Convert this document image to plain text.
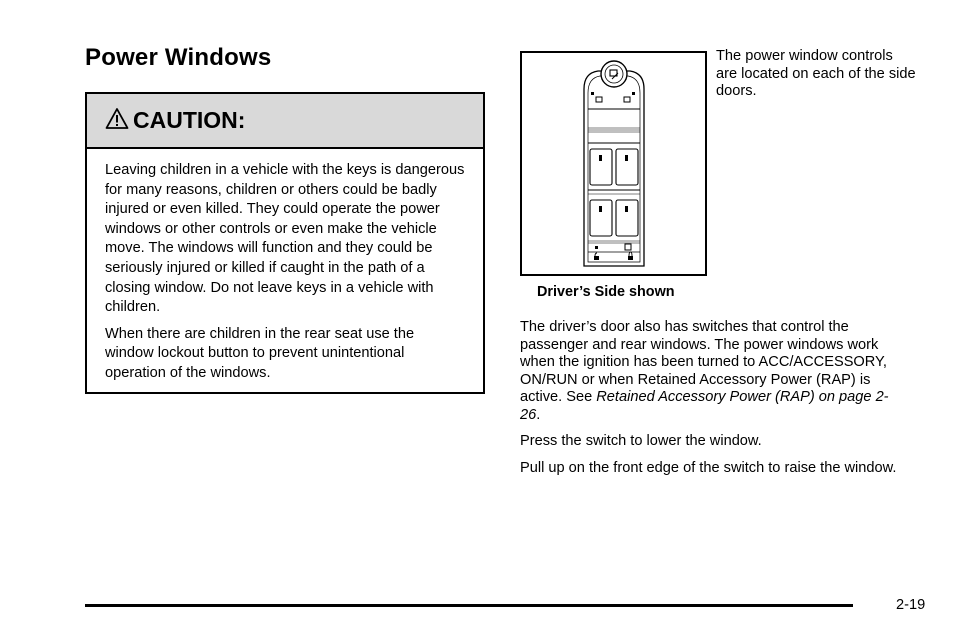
Power Windows
CAUTION:

Leaving children in a vehicle with the keys is dangerous for many reasons, children or others could be badly injured or even killed. They could operate the power windows or other controls or even make the vehicle move. The windows will function and they could be seriously injured or killed if caught in the path of a closing window. Do not leave keys in a vehicle with children.

When there are children in the rear seat use the window lockout button to prevent unintentional operation of the windows.

Driver’s Side shown

The power window controls are located on each of the side doors.

The driver’s door also has switches that control the passenger and rear windows. The power windows work when the ignition has been turned to ACC/ACCESSORY, ON/RUN or when Retained Accessory Power (RAP) is active. See Retained Accessory Power (RAP) on page 2-26.

Press the switch to lower the window.

Pull up on the front edge of the switch to raise the window.

2-19
